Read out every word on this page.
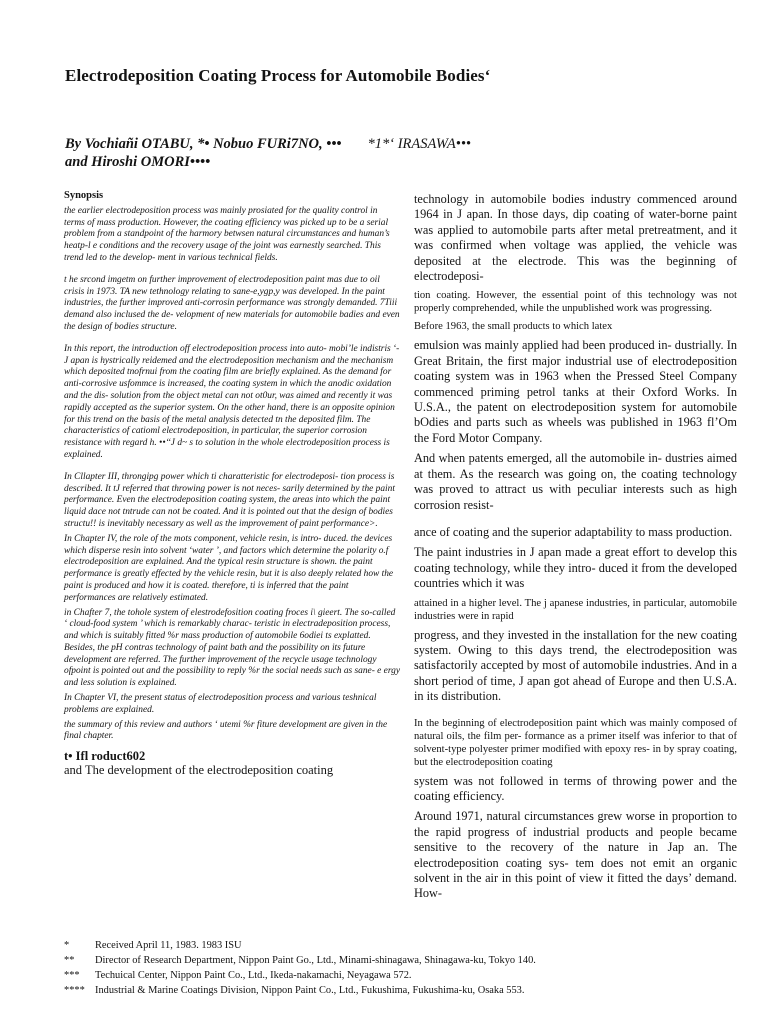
Electrodeposition Coating Process for Automobile Bodies‘
By Vochiañi OTABU, *• Nobuo FURi7NO, ••• *1*‘ IRASAWA•••
and Hiroshi OMORI••••
Synopsis

the earlier electrodeposition process was mainly prosiated for the quality control in terms of mass production. However, the coating efficiency was picked up to be a serial problem from a standpoint of the harmory betwsen natural circumstances and human’s heatp-l e conditions and the recovery usage of the joint was earnestly searched. This trend led to the develop- ment in various technical fields.

t he srcond imgetm on further improvement of electrodeposition paint mas due to oil crisis in 1973. TA new tethnology relating to sane-e,ygp,y was developed. In the paint industries, the further improved anti-corrosin performance was strongly demanded. 7Tiii demand also inclused the de- velopment of new materials for automobile badies and even the design of bodies structure.

In this report, the introduction off electrodeposition process into auto- mobi’le indistris ‘- J apan is hystrically reidemed and the electrodeposition mechanism and the mechanism which deposited tnofrnui from the coating film are briefly explained. As the demand for anti-corrosive usfommce is increased, the coating system in which the anodic oxidation and the dis- solution from the object metal can not ot0ur, was aimed and recently it was rapidly accepted as the superior system. On the other hand, there is an opposite opinion for this trend on the basis of the metal analysis detected tn the deposited film. The characteristics of catioml electrodeposition, in particular, the superior corrosion resistance with regard h. ••‘‘J d~ s to solution in the whole electrodeposition process is explained.

In Cllapter III, throngipg power which ti charatteristic for electrodeposi- tion process is described. It tJ referred that throwing power is not neces- sarily determined by the paint performance. Even the electrodeposition coating system, the areas into which the paint liquid dace not tntrude can not be coated. And it is pointed out that the design of bodies structu!! is inevitably necessary as well as the improvement of paint performance>.

In Chapter IV, the role of the mots component, vehicle resin, is intro- duced. the devices which disperse resin into solvent ‘water ’, and factors which determine the polarity o.f electrodeposition are explained. And the typical resin structure is shown. the paint performance is greatly effected by the vehicle resin, but it is also deeply related how the paint is produced and how it is coated. therefore, ti is inferred that the paint performances are relatively estimated.

in Chafter 7, the tohole system of elestrodefosition coating froces i\ gieert. The so-called ‘ cloud-food system ’ which is remarkably charac- teristic in electradeposition process, and which is suitably fitted %r mass production of automobile 6odiei ts explatted. Besides, the pH contras technology of paint bath and the possibility on its future development are referred. The further improvement of the recycle usage technology ofpoint is pointed out and the possibility to reply %r the social needs such as sane- e ergy and less solution is explained.

In Chapter VI, the present status of electrodeposition process and various teshnical problems are explained.

the summary of this review and authors ‘ utemi %r fiture development are given in the final chapter.

t• Ifl roduct602
and The development of the electrodeposition coating

technology in automobile bodies industry commenced around 1964 in J apan. In those days, dip coating of water-borne paint was applied to automobile parts after metal pretreatment, and it was confirmed when voltage was applied, the vehicle was deposited at the electrode. This was the beginning of electrodeposi-

tion coating. However, the essential point of this technology was not properly comprehended, while the unpublished work was progressing.

Before 1963, the small products to which latex

emulsion was mainly applied had been produced in- dustrially. In Great Britain, the first major industrial use of electrodeposition coating system was in 1963 when the Pressed Steel Company commenced priming petrol tanks at their Oxford Works. In U.S.A., the patent on electrodeposition system for automobile bOdies and parts such as wheels was published in 1963 fl’Om the Ford Motor Company.

And when patents emerged, all the automobile in- dustries aimed at them. As the research was going on, the coating technology was proved to attract us with peculiar interests such as high corrosion resist-

ance of coating and the superior adaptability to mass production.

The paint industries in J apan made a great effort to develop this coating technology, while they intro- duced it from the developed countries which it was

attained in a higher level. The j apanese industries, in particular, automobile industries were in rapid

progress, and they invested in the installation for the new coating system. Owing to this days trend, the electrodeposition was satisfactorily accepted by most of automobile industries. And in a short period of time, J apan got ahead of Europe and then U.S.A. in its distribution.

In the beginning of electrodeposition paint which was mainly composed of natural oils, the film per- formance as a primer itself was inferior to that of solvent-type polyester primer modified with epoxy res- in by spray coating, but the electrodeposition coating

system was not followed in terms of throwing power and the coating efficiency.

Around 1971, natural circumstances grew worse in proportion to the rapid progress of industrial products and people became sensitive to the recovery of the nature in Jap an. The electrodeposition coating sys- tem does not emit an organic solvent in the air in this point of view it fitted the days’ demand. How-

*	Received April 11, 1983. 1983 ISU
**	Director of Research Department, Nippon Paint Go., Ltd., Minami-shinagawa, Shinagawa-ku, Tokyo 140.
***	Techuical Center, Nippon Paint Co., Ltd., Ikeda-nakamachi, Neyagawa 572.
**** Industrial & Marine Coatings Division, Nippon Paint Co., Ltd., Fukushima, Fukushima-ku, Osaka 553.
